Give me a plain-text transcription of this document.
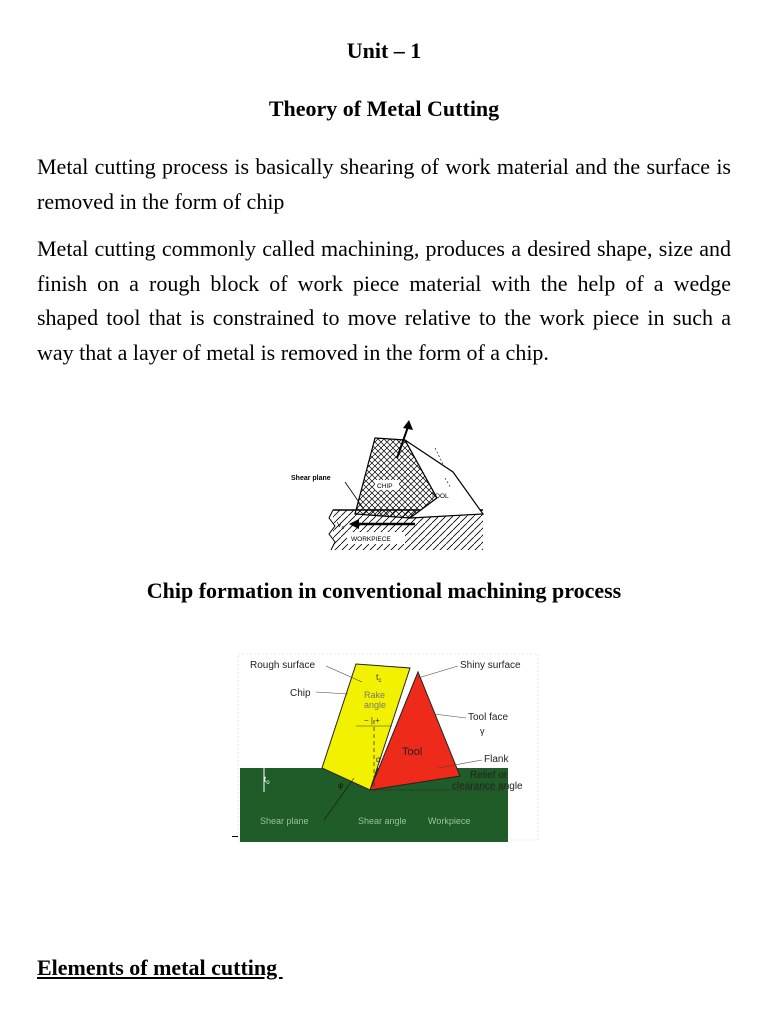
Unit – 1
Theory of Metal Cutting

Metal cutting process is basically shearing of work material and the surface is removed in the form of chip

Metal cutting commonly called machining, produces a desired shape, size and finish on a rough block of work piece material with the help of a wedge shaped tool that is constrained to move relative to the work piece in such a way that a layer of metal is removed in the form of a chip.

Shear plane
CHIP
TOOL
$V_c$
WORKPIECE
Chip formation in conventional machining process
Rough surface	Shiny surface
Chip
$t_c$
Rake
angle
− | +	Tool face
γ
Tool
Flank
α
φ
$t_o$
Relief or
clearance angle
Shear plane	Shear angle Workpiece
Elements of metal cutting
